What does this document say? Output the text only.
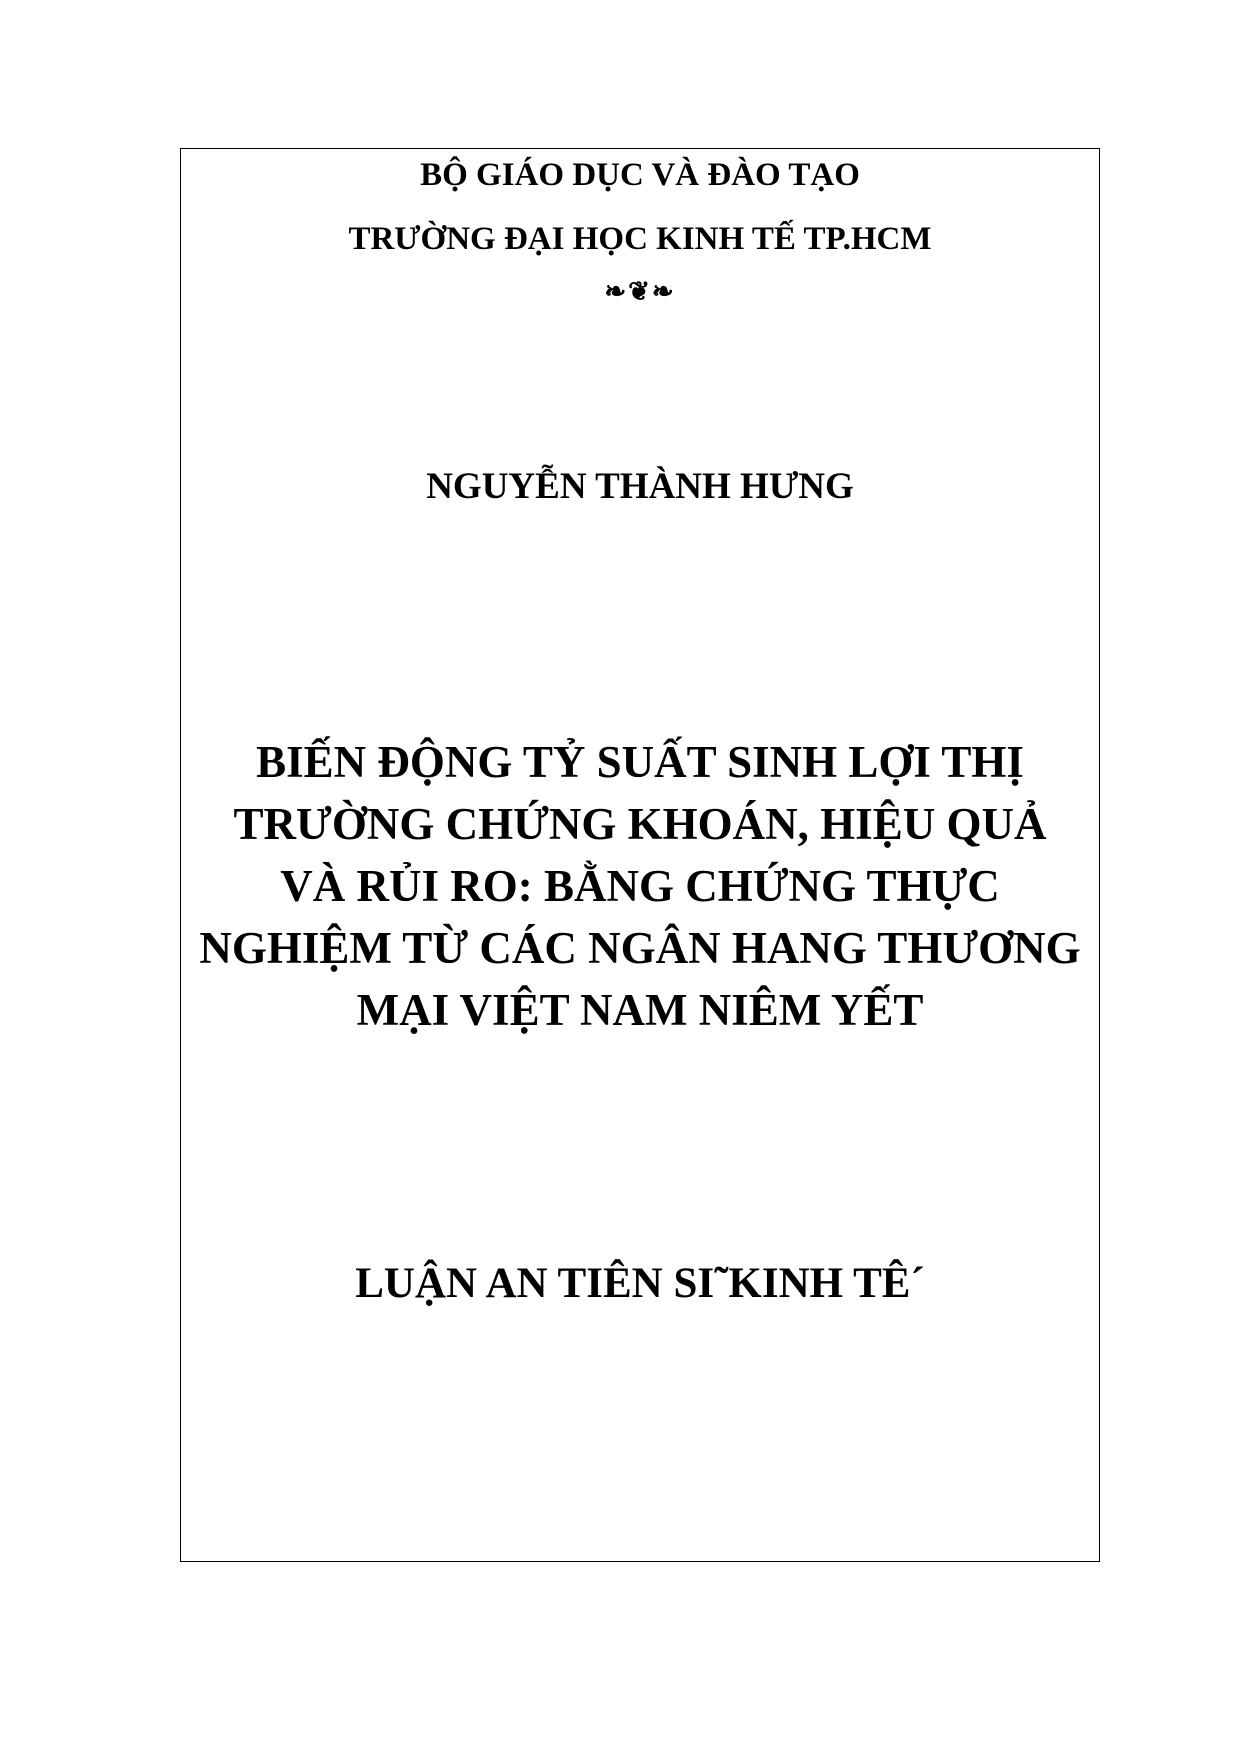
BỘ GIÁO DỤC VÀ ĐÀO TẠO
TRƯỜNG ĐẠI HỌC KINH TẾ TP.HCM
❧❦❧
NGUYỄN THÀNH HƯNG
BIẾN ĐỘNG TỶ SUẤT SINH LỢI THỊ
TRƯỜNG CHỨNG KHOÁN, HIỆU QUẢ
VÀ RỦI RO: BẰNG CHỨNG THỰC
NGHIỆM TỪ CÁC NGÂN HANG THƯƠNG
MẠI VIỆT NAM NIÊM YẾT
LUẬN AN TIÊN SI˜KINH TÊ´
